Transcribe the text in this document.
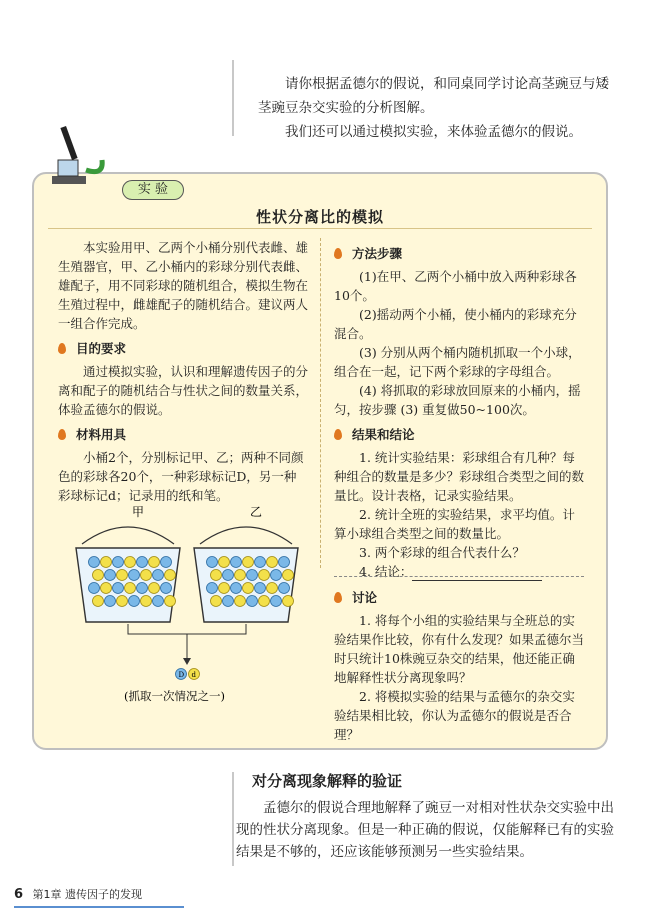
请你根据孟德尔的假说，和同桌同学讨论高茎豌豆与矮茎豌豆杂交实验的分析图解。

我们还可以通过模拟实验，来体验孟德尔的假说。

实 验
性状分离比的模拟

本实验用甲、乙两个小桶分别代表雌、雄生殖器官，甲、乙小桶内的彩球分别代表雌、雄配子，用不同彩球的随机组合，模拟生物在生殖过程中，雌雄配子的随机结合。建议两人一组合作完成。

目的要求

通过模拟实验，认识和理解遗传因子的分离和配子的随机结合与性状之间的数量关系，体验孟德尔的假说。

材料用具

小桶2个，分别标记甲、乙；两种不同颜色的彩球各20个，一种彩球标记D，另一种彩球标记d；记录用的纸和笔。

甲	乙
D d
(抓取一次情况之一)

方法步骤

(1)在甲、乙两个小桶中放入两种彩球各10个。

(2)摇动两个小桶，使小桶内的彩球充分混合。

(3) 分别从两个桶内随机抓取一个小球，组合在一起，记下两个彩球的字母组合。

(4) 将抓取的彩球放回原来的小桶内，摇匀，按步骤 (3) 重复做50~100次。

结果和结论

1. 统计实验结果：彩球组合有几种？每种组合的数量是多少？彩球组合类型之间的数量比。设计表格，记录实验结果。

2. 统计全班的实验结果，求平均值。计算小球组合类型之间的数量比。

3. 两个彩球的组合代表什么？

4. 结论：

讨论

1. 将每个小组的实验结果与全班总的实验结果作比较，你有什么发现？如果孟德尔当时只统计10株豌豆杂交的结果，他还能正确地解释性状分离现象吗？

2. 将模拟实验的结果与孟德尔的杂交实验结果相比较，你认为孟德尔的假说是否合理？

对分离现象解释的验证

孟德尔的假说合理地解释了豌豆一对相对性状杂交实验中出现的性状分离现象。但是一种正确的假说，仅能解释已有的实验结果是不够的，还应该能够预测另一些实验结果。

6 第1章 遗传因子的发现
